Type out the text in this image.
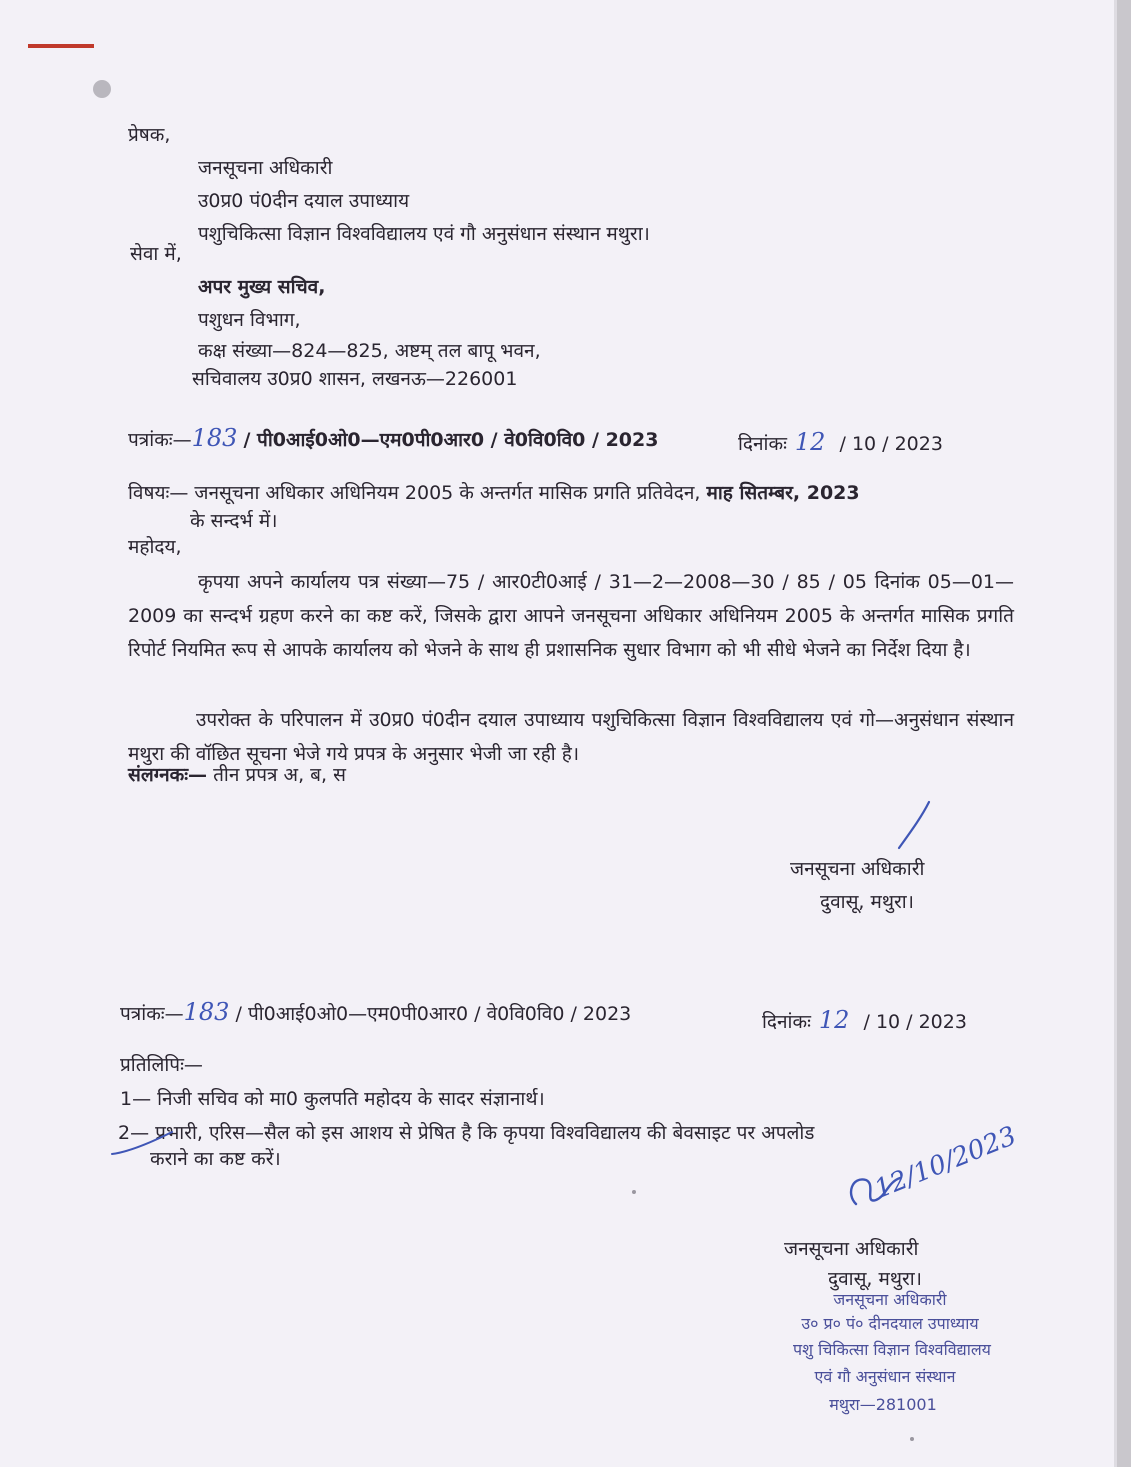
प्रेषक,
जनसूचना अधिकारी
उ0प्र0 पं0दीन दयाल उपाध्याय
पशुचिकित्सा विज्ञान विश्वविद्यालय एवं गौ अनुसंधान संस्थान मथुरा।
सेवा में,
अपर मुख्य सचिव,
पशुधन विभाग,
कक्ष संख्या—824—825, अष्टम् तल बापू भवन,
सचिवालय उ0प्र0 शासन, लखनऊ—226001
पत्रांकः—183 / पी0आई0ओ0—एम0पी0आर0 / वे0वि0वि0 / 2023	दिनांकः 12 / 10 / 2023
विषयः— जनसूचना अधिकार अधिनियम 2005 के अन्तर्गत मासिक प्रगति प्रतिवेदन, माह सितम्बर, 2023
के सन्दर्भ में।
महोदय,
कृपया अपने कार्यालय पत्र संख्या—75 / आर0टी0आई / 31—2—2008—30 / 85 / 05 दिनांक 05—01—2009 का सन्दर्भ ग्रहण करने का कष्ट करें, जिसके द्वारा आपने जनसूचना अधिकार अधिनियम 2005 के अन्तर्गत मासिक प्रगति रिपोर्ट नियमित रूप से आपके कार्यालय को भेजने के साथ ही प्रशासनिक सुधार विभाग को भी सीधे भेजने का निर्देश दिया है।
उपरोक्त के परिपालन में उ0प्र0 पं0दीन दयाल उपाध्याय पशुचिकित्सा विज्ञान विश्वविद्यालय एवं गो—अनुसंधान संस्थान मथुरा की वॉछित सूचना भेजे गये प्रपत्र के अनुसार भेजी जा रही है।
संलग्नकः— तीन प्रपत्र अ, ब, स
जनसूचना अधिकारी
दुवासू, मथुरा।
पत्रांकः—183 / पी0आई0ओ0—एम0पी0आर0 / वे0वि0वि0 / 2023	दिनांकः 12 / 10 / 2023
प्रतिलिपिः—
1— निजी सचिव को मा0 कुलपति महोदय के सादर संज्ञानार्थ।
2— प्रभारी, एरिस—सैल को इस आशय से प्रेषित है कि कृपया विश्वविद्यालय की बेवसाइट पर अपलोड
कराने का कष्ट करें।	12/10/2023
जनसूचना अधिकारी
दुवासू, मथुरा।
जनसूचना अधिकारी
उ० प्र० पं० दीनदयाल उपाध्याय
पशु चिकित्सा विज्ञान विश्वविद्यालय
एवं गौ अनुसंधान संस्थान
मथुरा—281001
